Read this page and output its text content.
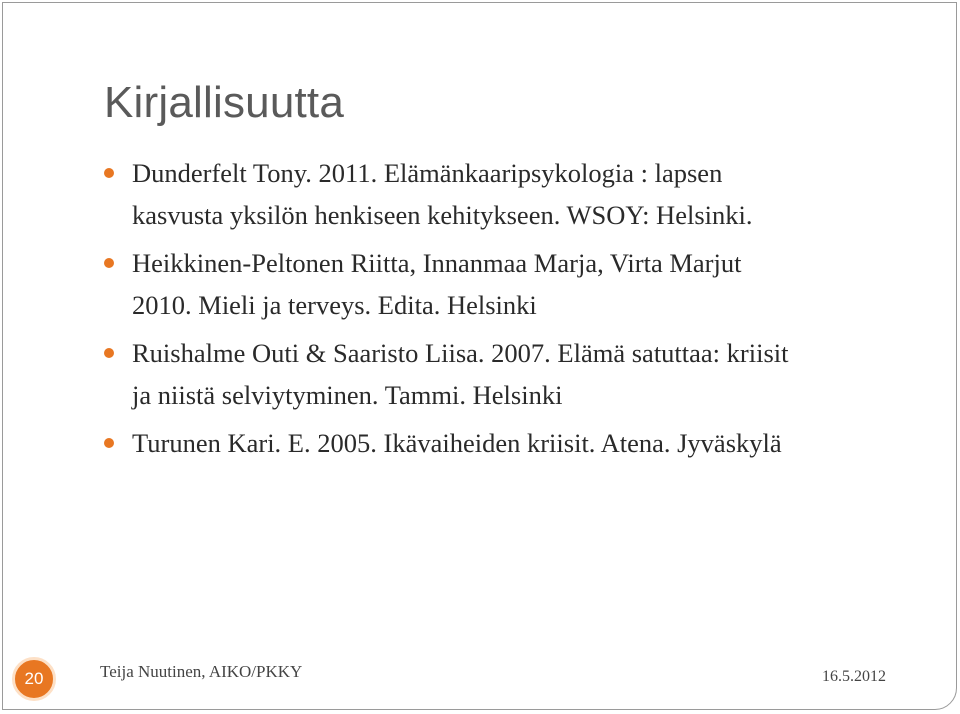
Kirjallisuutta
Dunderfelt Tony. 2011. Elämänkaaripsykologia : lapsen
kasvusta yksilön henkiseen kehitykseen. WSOY: Helsinki.
Heikkinen-Peltonen Riitta, Innanmaa Marja, Virta Marjut
2010. Mieli ja terveys. Edita. Helsinki
Ruishalme Outi & Saaristo Liisa. 2007. Elämä satuttaa: kriisit
ja niistä selviytyminen. Tammi. Helsinki
Turunen Kari. E. 2005. Ikävaiheiden kriisit. Atena. Jyväskylä
20	Teija Nuutinen, AIKO/PKKY	16.5.2012
